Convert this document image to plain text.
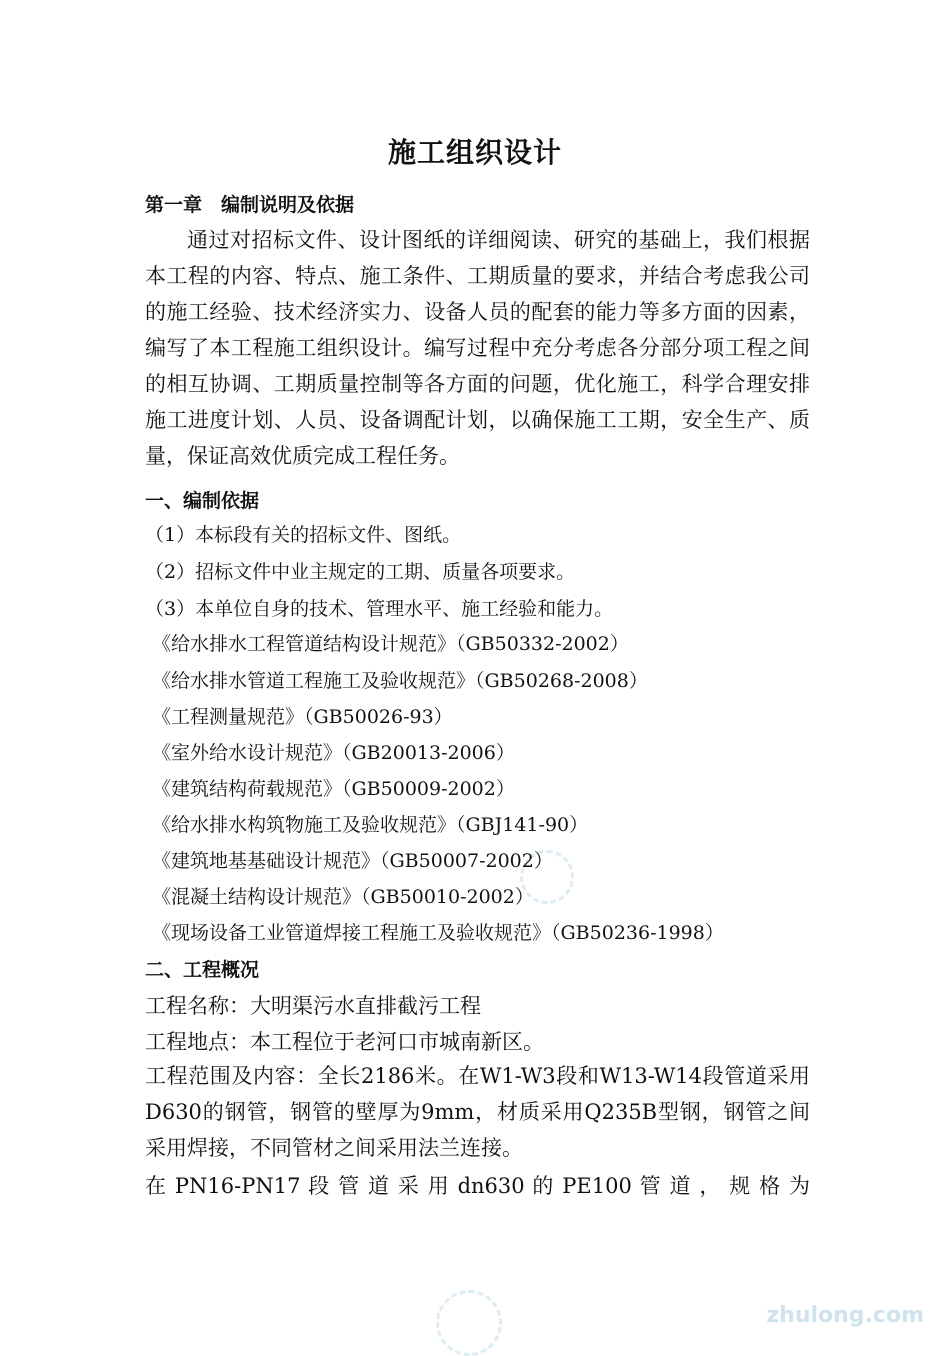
zhulong.com
施工组织设计
第一章　编制说明及依据

通过对招标文件、设计图纸的详细阅读、研究的基础上，我们根据本工程的内容、特点、施工条件、工期质量的要求，并结合考虑我公司的施工经验、技术经济实力、设备人员的配套的能力等多方面的因素，编写了本工程施工组织设计。编写过程中充分考虑各分部分项工程之间的相互协调、工期质量控制等各方面的问题，优化施工，科学合理安排施工进度计划、人员、设备调配计划，以确保施工工期，安全生产、质量，保证高效优质完成工程任务。

一、编制依据
（1）本标段有关的招标文件、图纸。
（2）招标文件中业主规定的工期、质量各项要求。
（3）本单位自身的技术、管理水平、施工经验和能力。
《给水排水工程管道结构设计规范》（GB50332-2002）
《给水排水管道工程施工及验收规范》（GB50268-2008）
《工程测量规范》（GB50026-93）
《室外给水设计规范》（GB20013-2006）
《建筑结构荷载规范》（GB50009-2002）
《给水排水构筑物施工及验收规范》（GBJ141-90）
《建筑地基基础设计规范》（GB50007-2002）
《混凝土结构设计规范》（GB50010-2002）
《现场设备工业管道焊接工程施工及验收规范》（GB50236-1998）
二、工程概况
工程名称：大明渠污水直排截污工程
工程地点：本工程位于老河口市城南新区。

工程范围及内容：全长2186米。在W1-W3段和W13-W14段管道采用D630的钢管，钢管的壁厚为9mm，材质采用Q235B型钢，钢管之间采用焊接，不同管材之间采用法兰连接。

在 PN16-PN17 段 管 道 采 用 dn630 的 PE100 管 道 ， 规 格 为
